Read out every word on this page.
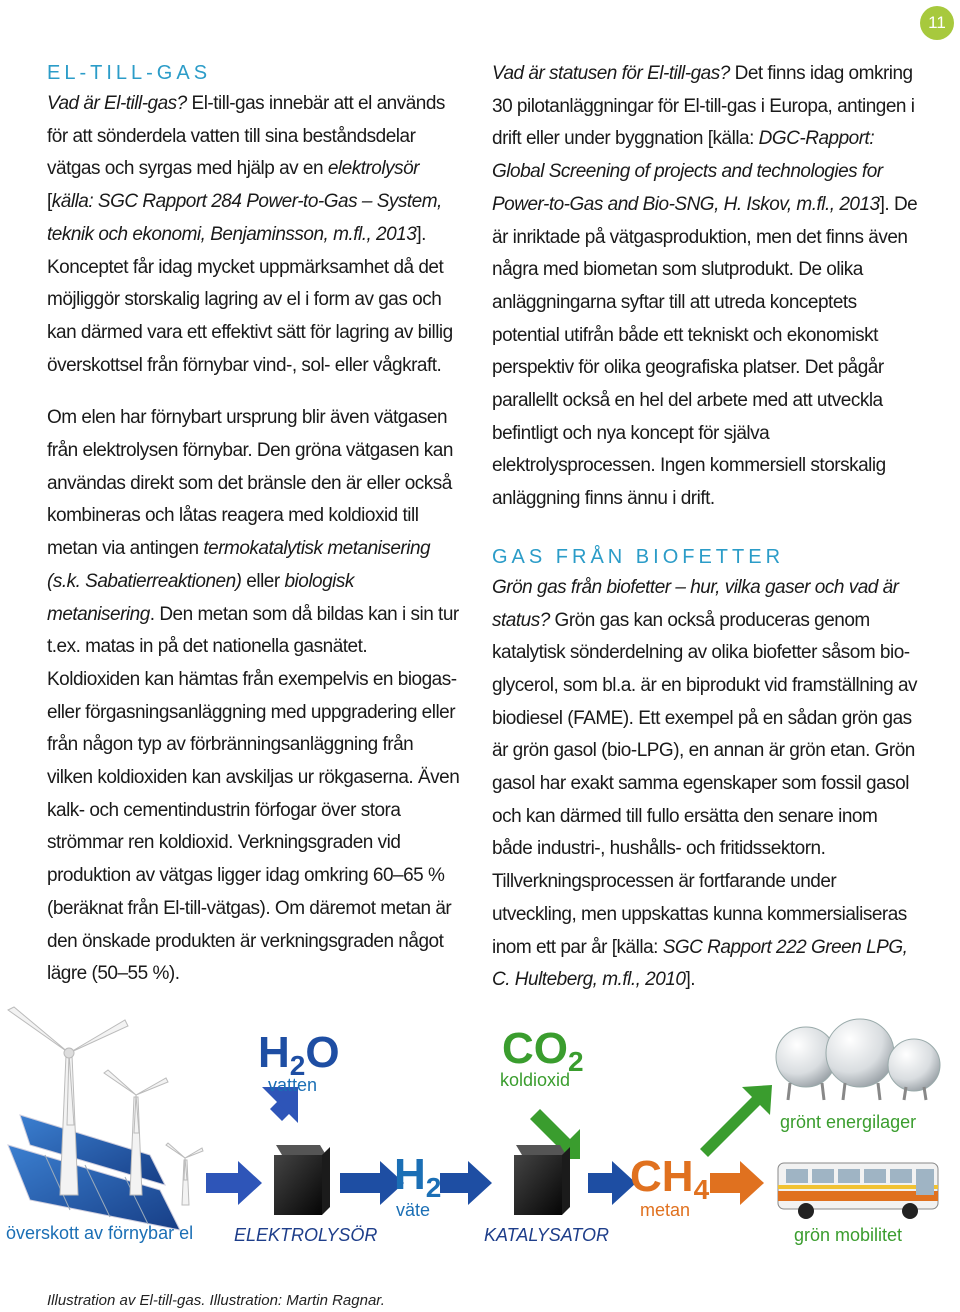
11
EL-TILL-GAS

Vad är El-till-gas? El-till-gas innebär att el används för att sönderdela vatten till sina beståndsdelar vätgas och syrgas med hjälp av en elektrolysör [källa: SGC Rapport 284 Power-to-Gas – System, teknik och ekonomi, Benjaminsson, m.fl., 2013]. Konceptet får idag mycket uppmärksamhet då det möjliggör storskalig lagring av el i form av gas och kan därmed vara ett effektivt sätt för lagring av billig överskottsel från förnybar vind-, sol- eller vågkraft.

Om elen har förnybart ursprung blir även vätgasen från elektrolysen förnybar. Den gröna vätgasen kan användas direkt som det bränsle den är eller också kombineras och låtas reagera med koldioxid till metan via antingen termokatalytisk metanisering (s.k. Sabatierreaktionen) eller biologisk metanisering. Den metan som då bildas kan i sin tur t.ex. matas in på det nationella gasnätet. Koldioxiden kan hämtas från exempelvis en biogas- eller förgasningsanläggning med uppgradering eller från någon typ av förbränningsanläggning från vilken koldioxiden kan avskiljas ur rökgaserna. Även kalk- och cementindustrin förfogar över stora strömmar ren koldioxid. Verkningsgraden vid produktion av vätgas ligger idag omkring 60–65 % (beräknat från El-till-vätgas). Om däremot metan är den önskade produkten är verkningsgraden något lägre (50–55 %).

Vad är statusen för El-till-gas? Det finns idag omkring 30 pilotanläggningar för El-till-gas i Europa, antingen i drift eller under byggnation [källa: DGC-Rapport: Global Screening of projects and technologies for Power-to-Gas and Bio-SNG, H. Iskov, m.fl., 2013]. De är inriktade på vätgasproduktion, men det finns även några med biometan som slutprodukt. De olika anläggningarna syftar till att utreda konceptets potential utifrån både ett tekniskt och ekonomiskt perspektiv för olika geografiska platser. Det pågår parallellt också en hel del arbete med att utveckla befintligt och nya koncept för själva elektrolysprocessen. Ingen kommersiell storskalig anläggning finns ännu i drift.

GAS FRÅN BIOFETTER

Grön gas från biofetter – hur, vilka gaser och vad är status? Grön gas kan också produceras genom katalytisk sönderdelning av olika biofetter såsom bio-glycerol, som bl.a. är en biprodukt vid framställning av biodiesel (FAME). Ett exempel på en sådan grön gas är grön gasol (bio-LPG), en annan är grön etan. Grön gasol har exakt samma egenskaper som fossil gasol och kan därmed till fullo ersätta den senare inom både industri-, hushålls- och fritidssektorn. Tillverkningsprocessen är fortfarande under utveckling, men uppskattas kunna kommersialiseras inom ett par år [källa: SGC Rapport 222 Green LPG, C. Hulteberg, m.fl., 2010].

$H_2O$
vatten
$CO_2$
koldioxid
$H_2$
väte
$CH_4$
metan
överskott av förnybar el ELEKTROLYSÖR	KATALYSATOR
grönt energilager
grön mobilitet
Illustration av El-till-gas. Illustration: Martin Ragnar.
